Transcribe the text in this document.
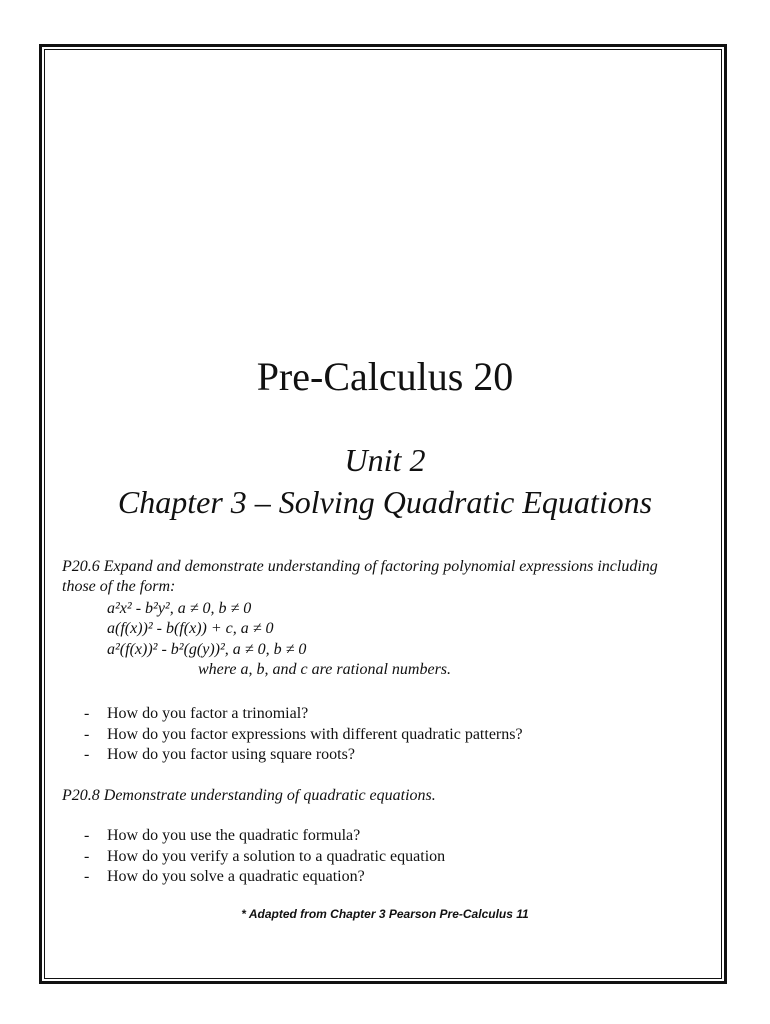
Pre-Calculus 20
Unit 2
Chapter 3 – Solving Quadratic Equations
P20.6 Expand and demonstrate understanding of factoring polynomial expressions including those of the form:
a²x² - b²y², a ≠ 0, b ≠ 0
a(f(x))² - b(f(x)) + c, a ≠ 0
a²(f(x))² - b²(g(y))², a ≠ 0, b ≠ 0
where a, b, and c are rational numbers.
- How do you factor a trinomial?
- How do you factor expressions with different quadratic patterns?
- How do you factor using square roots?
P20.8 Demonstrate understanding of quadratic equations.
- How do you use the quadratic formula?
- How do you verify a solution to a quadratic equation
- How do you solve a quadratic equation?
* Adapted from Chapter 3 Pearson Pre-Calculus 11
